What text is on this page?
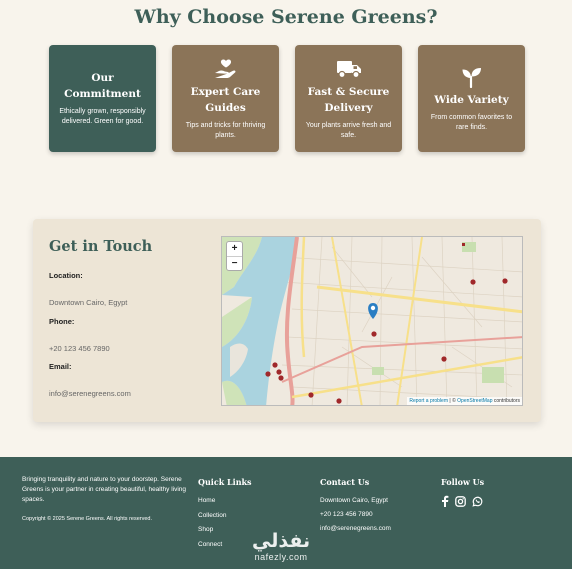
Why Choose Serene Greens?
Our Commitment
Ethically grown, responsibly delivered. Green for good.
Expert Care Guides
Tips and tricks for thriving plants.
Fast & Secure Delivery
Your plants arrive fresh and safe.
Wide Variety
From common favorites to rare finds.
Get in Touch
Location:
Downtown Cairo, Egypt
Phone:
+20 123 456 7890
Email:
info@serenegreens.com
+
−
Report a problem | © OpenStreetMap contributors
Bringing tranquility and nature to your doorstep. Serene Greens is your partner in creating beautiful, healthy living spaces.
Copyright © 2025 Serene Greens. All rights reserved.
Quick Links
Home
Collection
Shop
Connect
Contact Us
Downtown Cairo, Egypt
+20 123 456 7890
info@serenegreens.com
Follow Us
نفذلي
nafezly.com
